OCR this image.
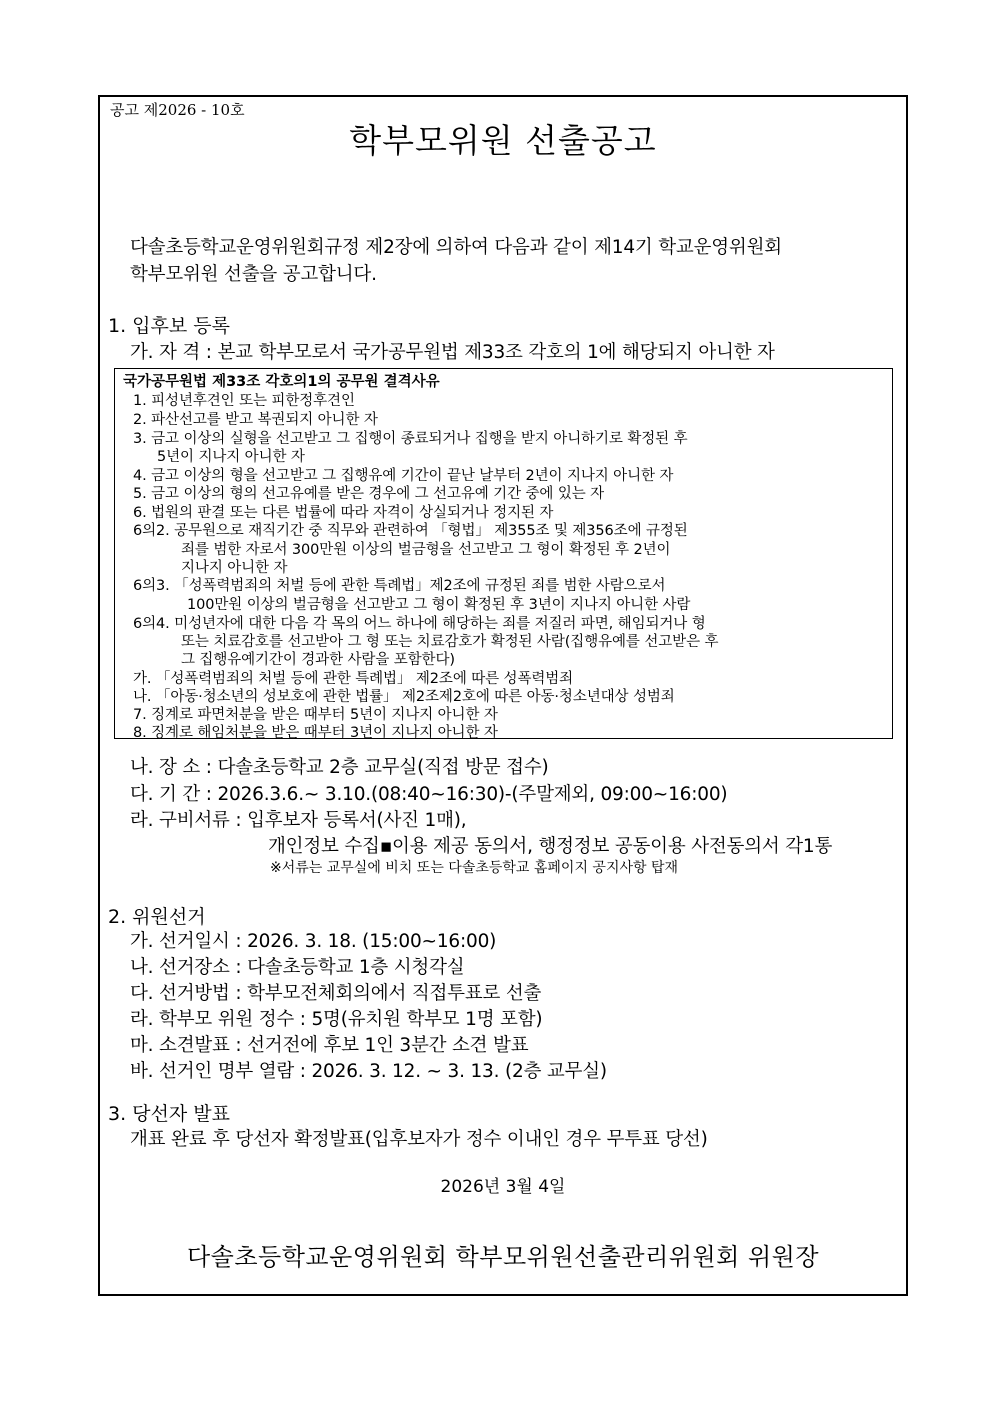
공고 제2026 - 10호
학부모위원 선출공고
다솔초등학교운영위원회규정 제2장에 의하여 다음과 같이 제14기 학교운영위원회
학부모위원 선출을 공고합니다.
1. 입후보 등록
가. 자 격 : 본교 학부모로서 국가공무원법 제33조 각호의 1에 해당되지 아니한 자
국가공무원법 제33조 각호의1의 공무원 결격사유
1. 피성년후견인 또는 피한정후견인
2. 파산선고를 받고 복권되지 아니한 자
3. 금고 이상의 실형을 선고받고 그 집행이 종료되거나 집행을 받지 아니하기로 확정된 후
5년이 지나지 아니한 자
4. 금고 이상의 형을 선고받고 그 집행유예 기간이 끝난 날부터 2년이 지나지 아니한 자
5. 금고 이상의 형의 선고유예를 받은 경우에 그 선고유예 기간 중에 있는 자
6. 법원의 판결 또는 다른 법률에 따라 자격이 상실되거나 정지된 자
6의2. 공무원으로 재직기간 중 직무와 관련하여 「형법」 제355조 및 제356조에 규정된
죄를 범한 자로서 300만원 이상의 벌금형을 선고받고 그 형이 확정된 후 2년이
지나지 아니한 자
6의3. 「성폭력범죄의 처벌 등에 관한 특례법」제2조에 규정된 죄를 범한 사람으로서
100만원 이상의 벌금형을 선고받고 그 형이 확정된 후 3년이 지나지 아니한 사람
6의4. 미성년자에 대한 다음 각 목의 어느 하나에 해당하는 죄를 저질러 파면, 해임되거나 형
또는 치료감호를 선고받아 그 형 또는 치료감호가 확정된 사람(집행유예를 선고받은 후
그 집행유예기간이 경과한 사람을 포함한다)
가. 「성폭력범죄의 처벌 등에 관한 특례법」 제2조에 따른 성폭력범죄
나. 「아동·청소년의 성보호에 관한 법률」 제2조제2호에 따른 아동·청소년대상 성범죄
7. 징계로 파면처분을 받은 때부터 5년이 지나지 아니한 자
8. 징계로 해임처분을 받은 때부터 3년이 지나지 아니한 자
나. 장 소 : 다솔초등학교 2층 교무실(직접 방문 접수)
다. 기 간 : 2026.3.6.~ 3.10.(08:40~16:30)-(주말제외, 09:00~16:00)
라. 구비서류 : 입후보자 등록서(사진 1매),
개인정보 수집▪이용 제공 동의서, 행정정보 공동이용 사전동의서 각1통
※서류는 교무실에 비치 또는 다솔초등학교 홈페이지 공지사항 탑재
2. 위원선거
가. 선거일시 : 2026. 3. 18. (15:00~16:00)
나. 선거장소 : 다솔초등학교 1층 시청각실
다. 선거방법 : 학부모전체회의에서 직접투표로 선출
라. 학부모 위원 정수 : 5명(유치원 학부모 1명 포함)
마. 소견발표 : 선거전에 후보 1인 3분간 소견 발표
바. 선거인 명부 열람 : 2026. 3. 12. ~ 3. 13. (2층 교무실)
3. 당선자 발표
개표 완료 후 당선자 확정발표(입후보자가 정수 이내인 경우 무투표 당선)
2026년 3월 4일
다솔초등학교운영위원회 학부모위원선출관리위원회 위원장
